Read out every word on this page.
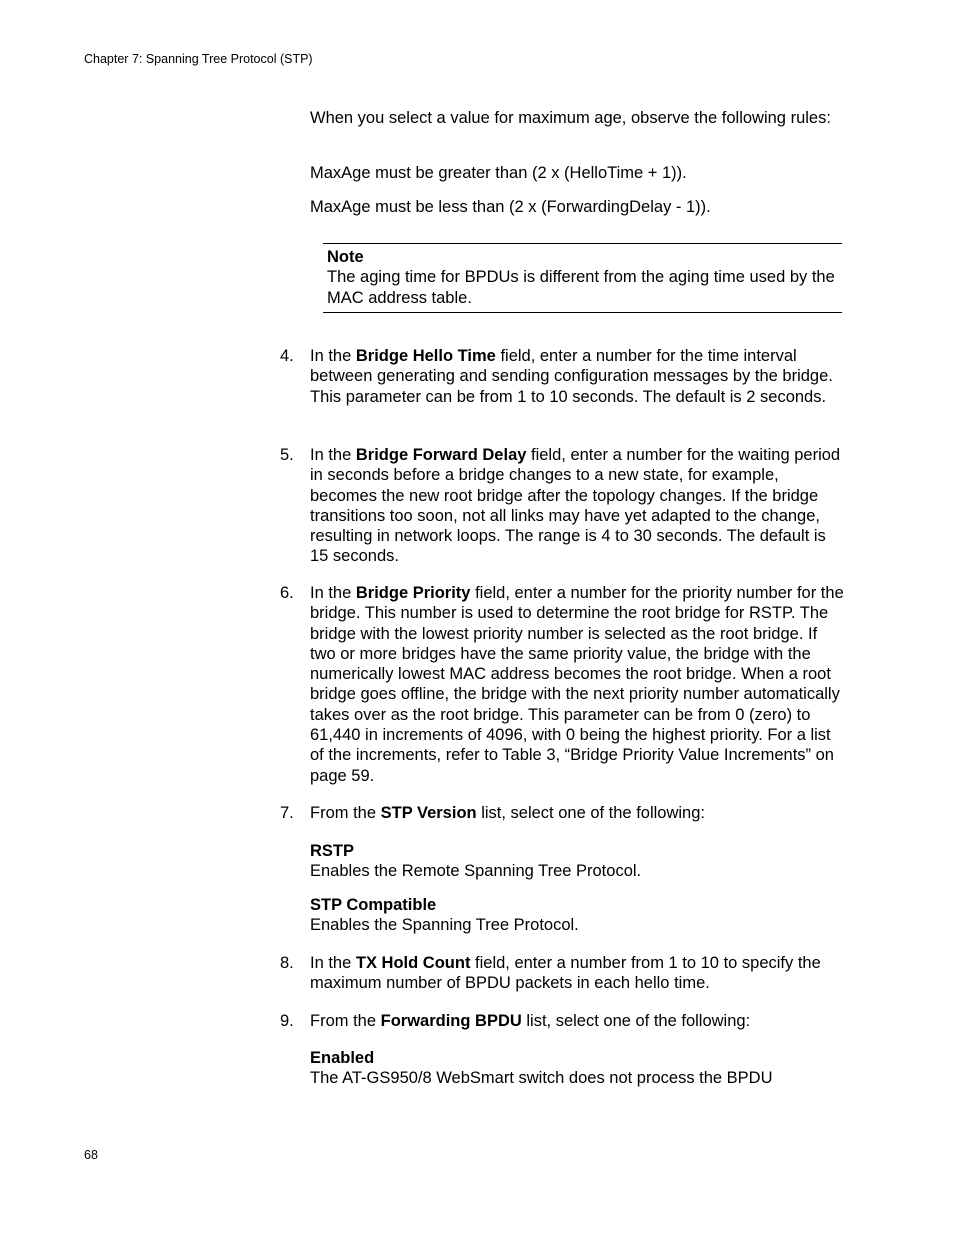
Chapter 7: Spanning Tree Protocol (STP)

When you select a value for maximum age, observe the following rules:

MaxAge must be greater than (2 x (HelloTime + 1)).

MaxAge must be less than (2 x (ForwardingDelay - 1)).

Note
The aging time for BPDUs is different from the aging time used by the MAC address table.
4. In the Bridge Hello Time field, enter a number for the time interval between generating and sending configuration messages by the bridge. This parameter can be from 1 to 10 seconds. The default is 2 seconds.
5. In the Bridge Forward Delay field, enter a number for the waiting period in seconds before a bridge changes to a new state, for example, becomes the new root bridge after the topology changes. If the bridge transitions too soon, not all links may have yet adapted to the change, resulting in network loops. The range is 4 to 30 seconds. The default is 15 seconds.
6. In the Bridge Priority field, enter a number for the priority number for the bridge. This number is used to determine the root bridge for RSTP. The bridge with the lowest priority number is selected as the root bridge. If two or more bridges have the same priority value, the bridge with the numerically lowest MAC address becomes the root bridge. When a root bridge goes offline, the bridge with the next priority number automatically takes over as the root bridge. This parameter can be from 0 (zero) to 61,440 in increments of 4096, with 0 being the highest priority. For a list of the increments, refer to Table 3, “Bridge Priority Value Increments” on page 59.
7. From the STP Version list, select one of the following:
RSTP
Enables the Remote Spanning Tree Protocol.
STP Compatible
Enables the Spanning Tree Protocol.
8. In the TX Hold Count field, enter a number from 1 to 10 to specify the maximum number of BPDU packets in each hello time.
9. From the Forwarding BPDU list, select one of the following:
Enabled
The AT-GS950/8 WebSmart switch does not process the BPDU
68
